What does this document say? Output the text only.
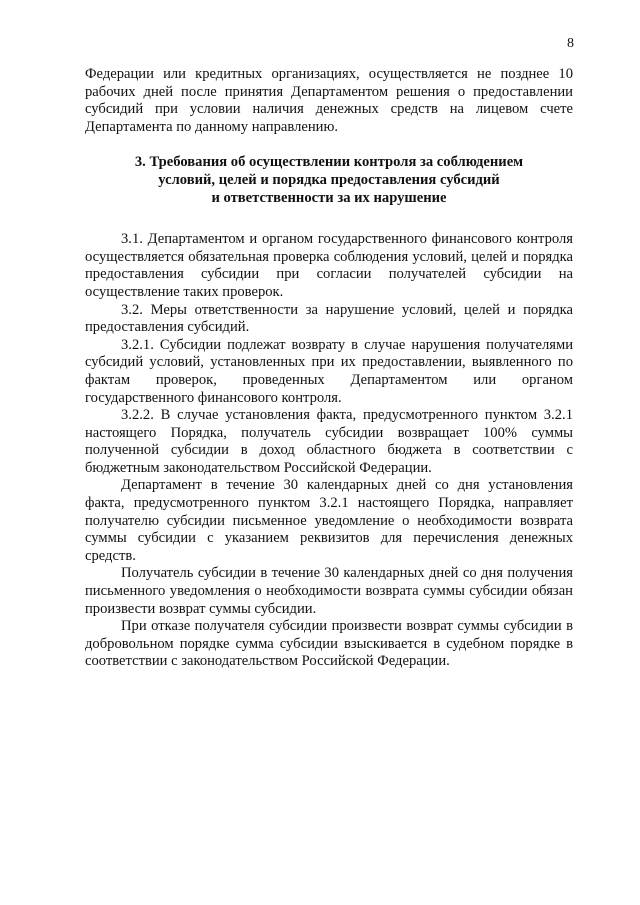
8

Федерации или кредитных организациях, осуществляется не позднее 10 рабочих дней после принятия Департаментом решения о предоставлении субсидий при условии наличия денежных средств на лицевом счете Департамента по данному направлению.

3. Требования об осуществлении контроля за соблюдением
условий, целей и порядка предоставления субсидий
и ответственности за их нарушение

3.1. Департаментом и органом государственного финансового контроля осуществляется обязательная проверка соблюдения условий, целей и порядка предоставления субсидии при согласии получателей субсидии на осуществление таких проверок.

3.2. Меры ответственности за нарушение условий, целей и порядка предоставления субсидий.

3.2.1. Субсидии подлежат возврату в случае нарушения получателями субсидий условий, установленных при их предоставлении, выявленного по фактам проверок, проведенных Департаментом или органом государственного финансового контроля.

3.2.2. В случае установления факта, предусмотренного пунктом 3.2.1 настоящего Порядка, получатель субсидии возвращает 100% суммы полученной субсидии в доход областного бюджета в соответствии с бюджетным законодательством Российской Федерации.

Департамент в течение 30 календарных дней со дня установления факта, предусмотренного пунктом 3.2.1 настоящего Порядка, направляет получателю субсидии письменное уведомление о необходимости возврата суммы субсидии с указанием реквизитов для перечисления денежных средств.

Получатель субсидии в течение 30 календарных дней со дня получения письменного уведомления о необходимости возврата суммы субсидии обязан произвести возврат суммы субсидии.

При отказе получателя субсидии произвести возврат суммы субсидии в добровольном порядке сумма субсидии взыскивается в судебном порядке в соответствии с законодательством Российской Федерации.
